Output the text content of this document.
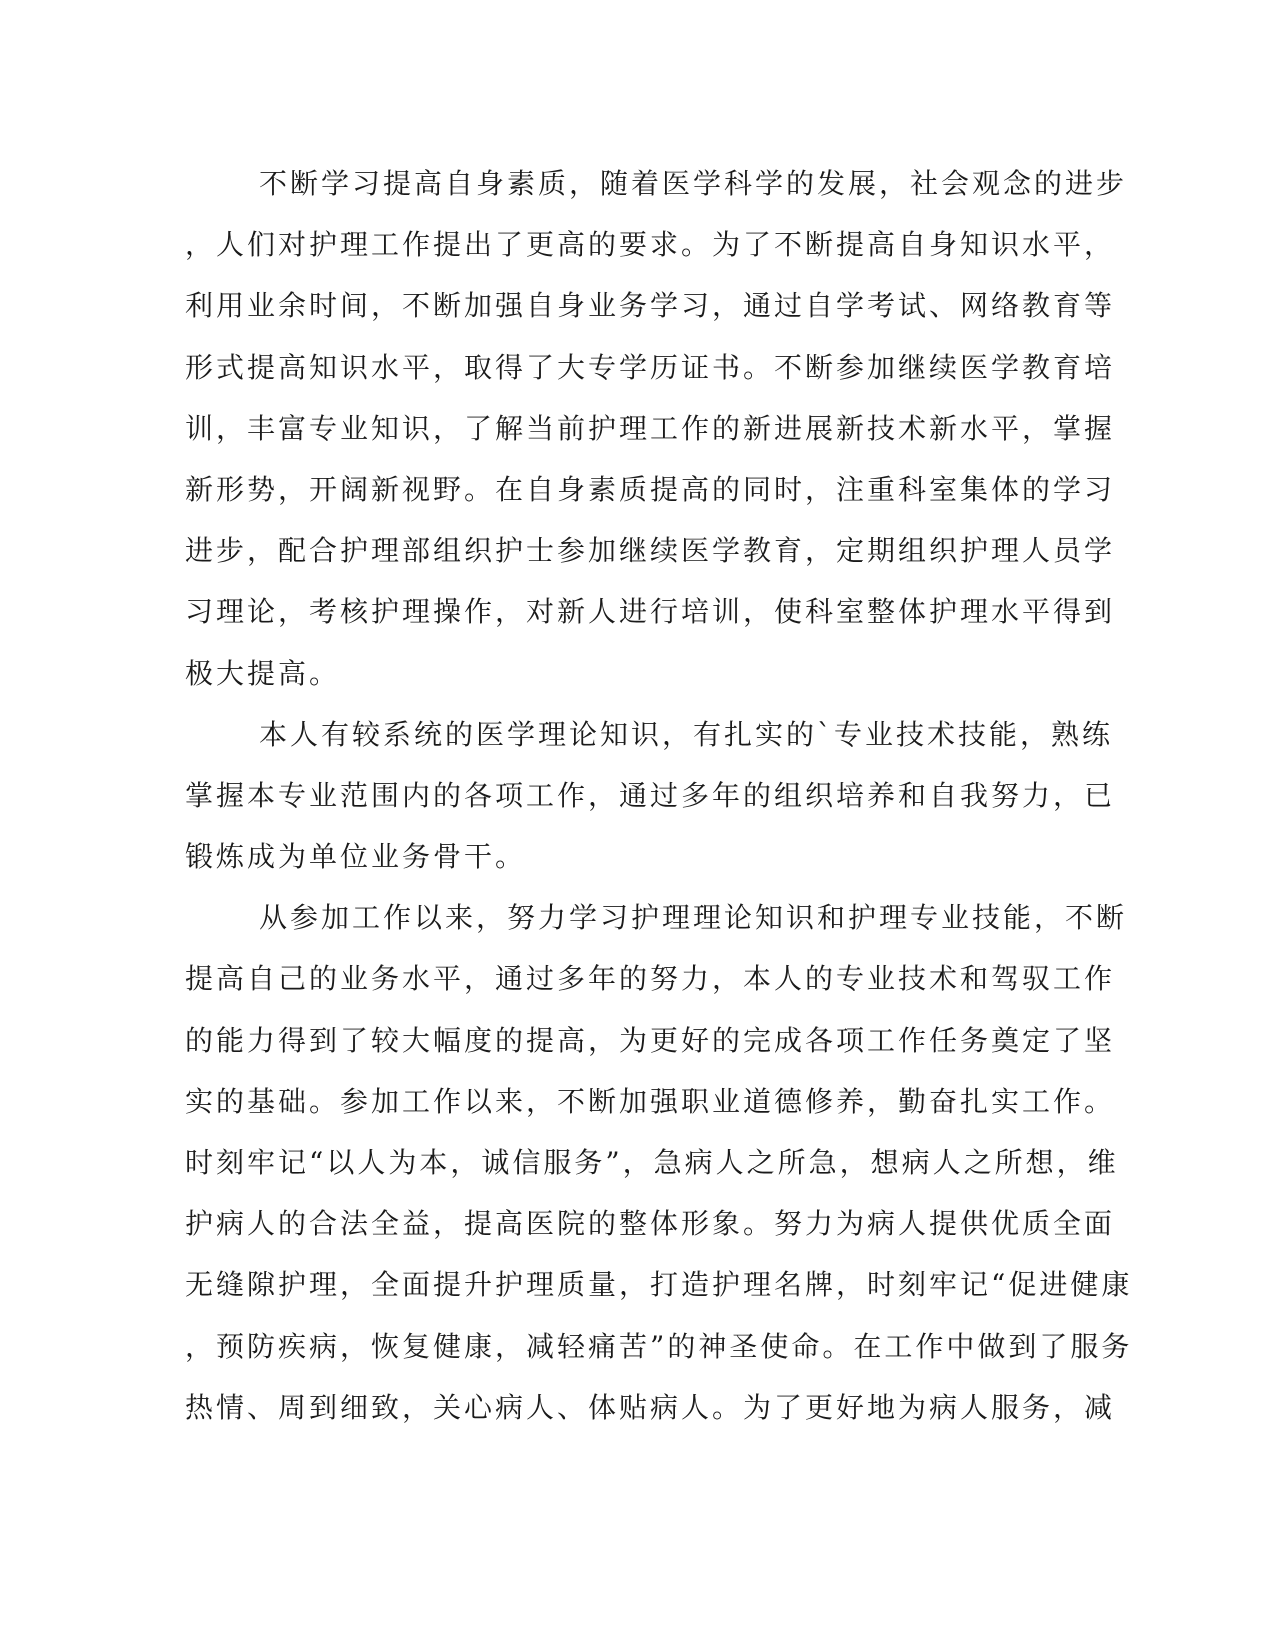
不断学习提高自身素质，随着医学科学的发展，社会观念的进步
，人们对护理工作提出了更高的要求。为了不断提高自身知识水平，
利用业余时间，不断加强自身业务学习，通过自学考试、网络教育等
形式提高知识水平，取得了大专学历证书。不断参加继续医学教育培
训，丰富专业知识，了解当前护理工作的新进展新技术新水平，掌握
新形势，开阔新视野。在自身素质提高的同时，注重科室集体的学习
进步，配合护理部组织护士参加继续医学教育，定期组织护理人员学
习理论，考核护理操作，对新人进行培训，使科室整体护理水平得到
极大提高。
本人有较系统的医学理论知识，有扎实的`专业技术技能，熟练
掌握本专业范围内的各项工作，通过多年的组织培养和自我努力，已
锻炼成为单位业务骨干。
从参加工作以来，努力学习护理理论知识和护理专业技能，不断
提高自己的业务水平，通过多年的努力，本人的专业技术和驾驭工作
的能力得到了较大幅度的提高，为更好的完成各项工作任务奠定了坚
实的基础。参加工作以来，不断加强职业道德修养，勤奋扎实工作。
时刻牢记“以人为本，诚信服务”，急病人之所急，想病人之所想，维
护病人的合法全益，提高医院的整体形象。努力为病人提供优质全面
无缝隙护理，全面提升护理质量，打造护理名牌，时刻牢记“促进健康
，预防疾病，恢复健康，减轻痛苦”的神圣使命。在工作中做到了服务
热情、周到细致，关心病人、体贴病人。为了更好地为病人服务，减
